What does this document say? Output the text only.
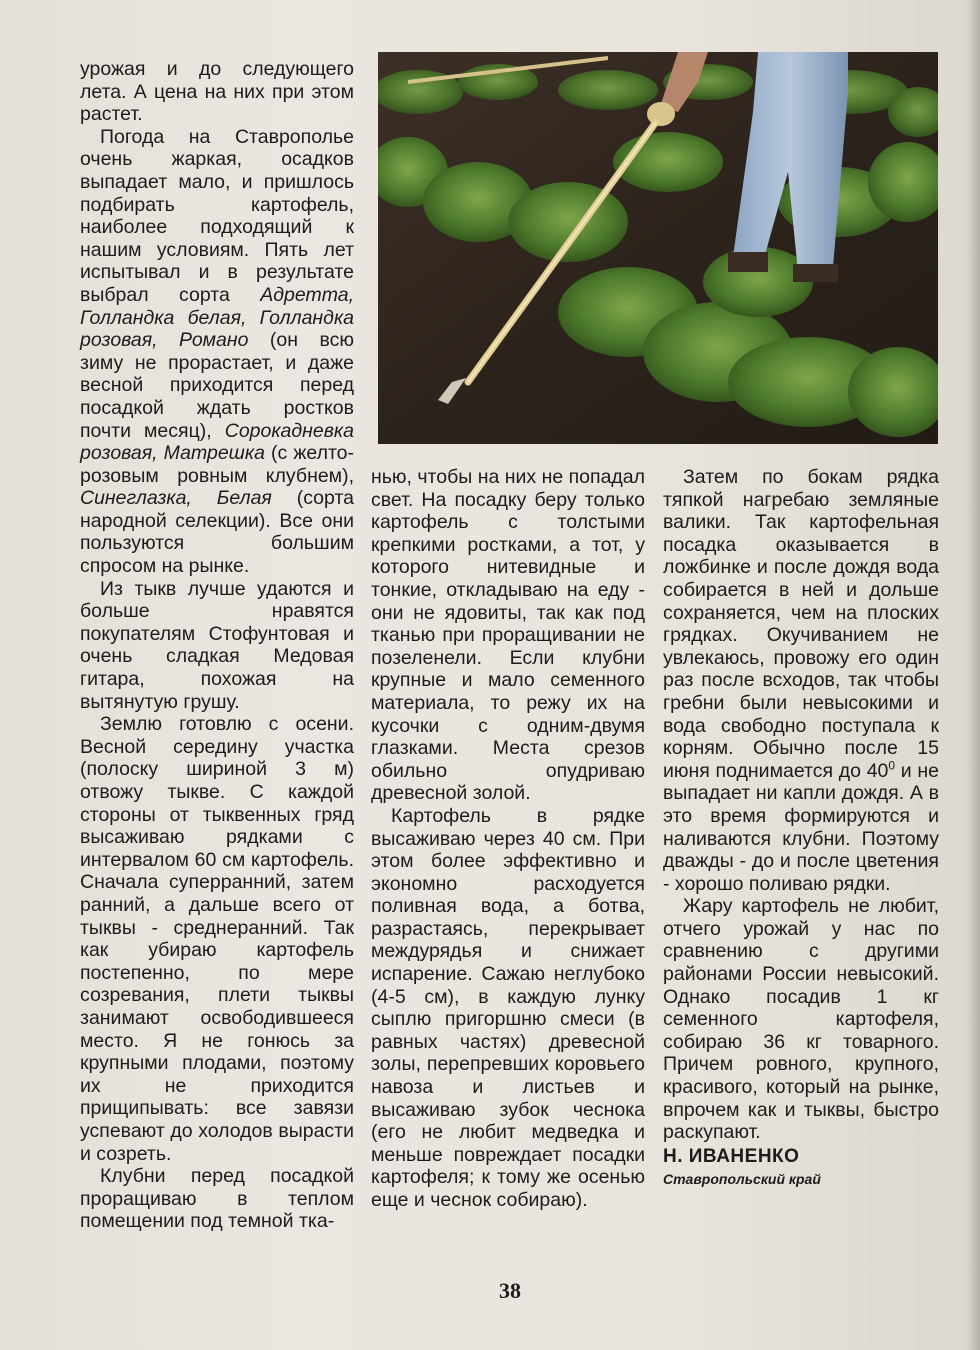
урожая и до следующего лета. А цена на них при этом растет.

Погода на Ставрополье очень жаркая, осадков выпадает мало, и пришлось подбирать картофель, наиболее подходящий к нашим условиям. Пять лет испытывал и в результате выбрал сорта Адретта, Голландка белая, Голландка розовая, Романо (он всю зиму не прорастает, и даже весной приходится перед посадкой ждать ростков почти месяц), Сорокадневка розовая, Матрешка (с желто-розовым ровным клубнем), Синеглазка, Белая (сорта народной селекции). Все они пользуются большим спросом на рынке.

Из тыкв лучше удаются и больше нравятся покупателям Стофунтовая и очень сладкая Медовая гитара, похожая на вытянутую грушу.

Землю готовлю с осени. Весной середину участка (полоску шириной 3 м) отвожу тыкве. С каждой стороны от тыквенных гряд высаживаю рядками с интервалом 60 см картофель. Сначала суперранний, затем ранний, а дальше всего от тыквы - среднеранний. Так как убираю картофель постепенно, по мере созревания, плети тыквы занимают освободившееся место. Я не гонюсь за крупными плодами, поэтому их не приходится прищипывать: все завязи успевают до холодов вырасти и созреть.

Клубни перед посадкой проращиваю в теплом помещении под темной тка-

нью, чтобы на них не попадал свет. На посадку беру только картофель с толстыми крепкими ростками, а тот, у которого нитевидные и тонкие, откладываю на еду - они не ядовиты, так как под тканью при проращивании не позеленели. Если клубни крупные и мало семенного материала, то режу их на кусочки с одним-двумя глазками. Места срезов обильно опудриваю древесной золой.

Картофель в рядке высаживаю через 40 см. При этом более эффективно и экономно расходуется поливная вода, а ботва, разрастаясь, перекрывает междурядья и снижает испарение. Сажаю неглубоко (4-5 см), в каждую лунку сыплю пригоршню смеси (в равных частях) древесной золы, перепревших коровьего навоза и листьев и высаживаю зубок чеснока (его не любит медведка и меньше повреждает посадки картофеля; к тому же осенью еще и чеснок собираю).

Затем по бокам рядка тяпкой нагребаю земляные валики. Так картофельная посадка оказывается в ложбинке и после дождя вода собирается в ней и дольше сохраняется, чем на плоских грядках. Окучиванием не увлекаюсь, провожу его один раз после всходов, так чтобы гребни были невысокими и вода свободно поступала к корням. Обычно после 15 июня поднимается до $40^0$ и не выпадает ни капли дождя. А в это время формируются и наливаются клубни. Поэтому дважды - до и после цветения - хорошо поливаю рядки.

Жару картофель не любит, отчего урожай у нас по сравнению с другими районами России невысокий. Однако посадив 1 кг семенного картофеля, собираю 36 кг товарного. Причем ровного, крупного, красивого, который на рынке, впрочем как и тыквы, быстро раскупают.

Н. ИВАНЕНКО

Ставропольский край

38
